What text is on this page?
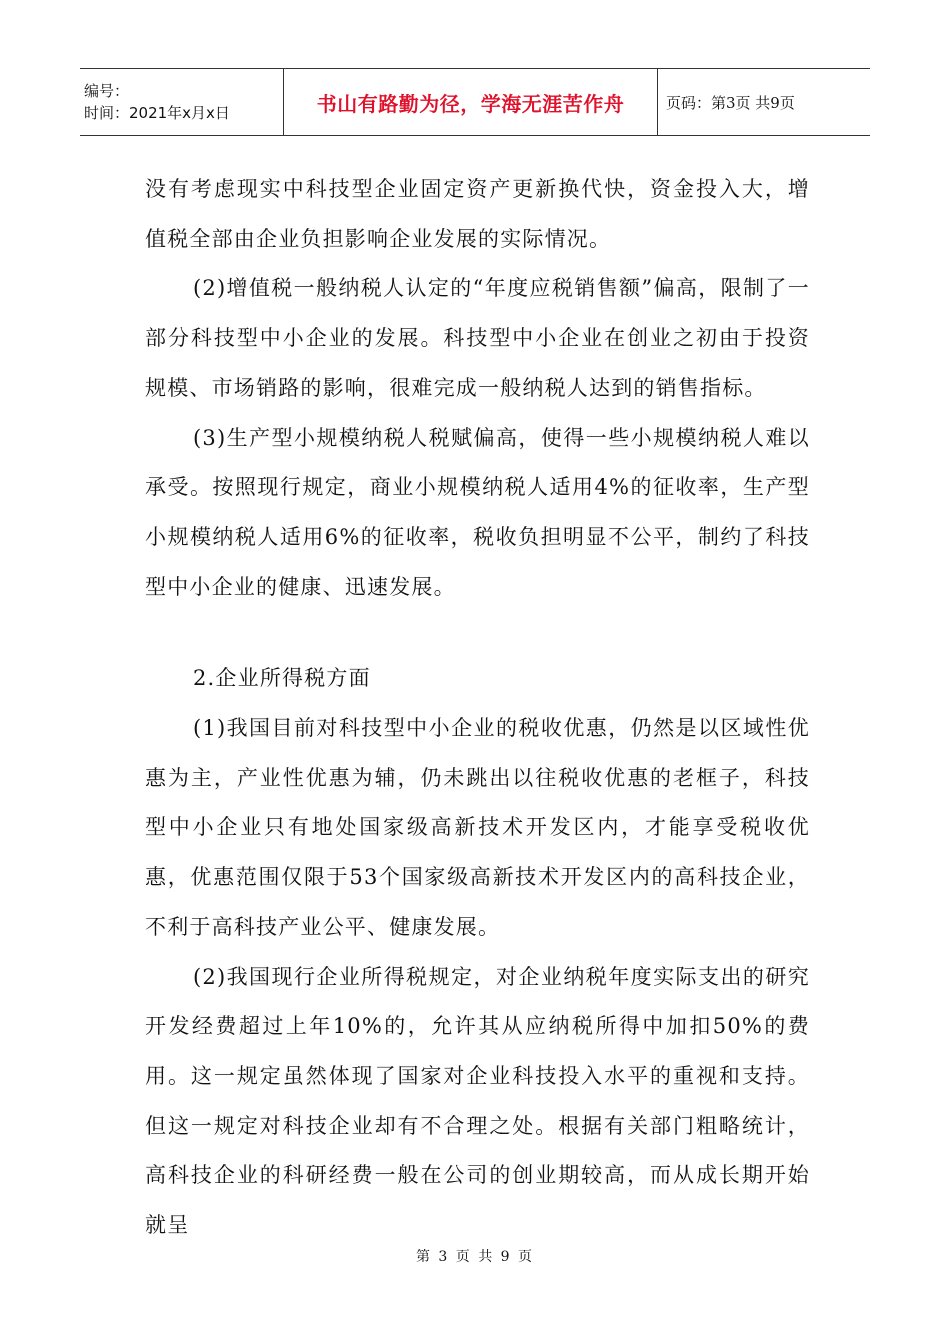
编号：
时间：2021年x月x日	书山有路勤为径，学海无涯苦作舟	页码：第3页 共9页

没有考虑现实中科技型企业固定资产更新换代快，资金投入大，增值税全部由企业负担影响企业发展的实际情况。

(2)增值税一般纳税人认定的“年度应税销售额”偏高，限制了一部分科技型中小企业的发展。科技型中小企业在创业之初由于投资规模、市场销路的影响，很难完成一般纳税人达到的销售指标。

(3)生产型小规模纳税人税赋偏高，使得一些小规模纳税人难以承受。按照现行规定，商业小规模纳税人适用4%的征收率，生产型小规模纳税人适用6%的征收率，税收负担明显不公平，制约了科技型中小企业的健康、迅速发展。

2.企业所得税方面

(1)我国目前对科技型中小企业的税收优惠，仍然是以区域性优惠为主，产业性优惠为辅，仍未跳出以往税收优惠的老框子，科技型中小企业只有地处国家级高新技术开发区内，才能享受税收优惠，优惠范围仅限于53个国家级高新技术开发区内的高科技企业，不利于高科技产业公平、健康发展。

(2)我国现行企业所得税规定，对企业纳税年度实际支出的研究开发经费超过上年10%的，允许其从应纳税所得中加扣50%的费用。这一规定虽然体现了国家对企业科技投入水平的重视和支持。但这一规定对科技企业却有不合理之处。根据有关部门粗略统计，高科技企业的科研经费一般在公司的创业期较高，而从成长期开始就呈

第 3 页 共 9 页
